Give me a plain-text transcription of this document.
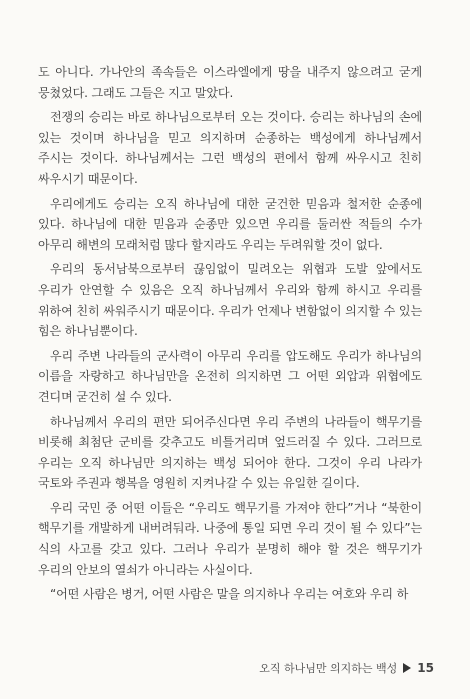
도 아니다. 가나안의 족속들은 이스라엘에게 땅을 내주지 않으려고 굳게 뭉쳤었다. 그래도 그들은 지고 말았다.

전쟁의 승리는 바로 하나님으로부터 오는 것이다. 승리는 하나님의 손에 있는 것이며 하나님을 믿고 의지하며 순종하는 백성에게 하나님께서 주시는 것이다. 하나님께서는 그런 백성의 편에서 함께 싸우시고 친히 싸우시기 때문이다.

우리에게도 승리는 오직 하나님에 대한 굳건한 믿음과 철저한 순종에 있다. 하나님에 대한 믿음과 순종만 있으면 우리를 둘러싼 적들의 수가 아무리 해변의 모래처럼 많다 할지라도 우리는 두려워할 것이 없다.

우리의 동서남북으로부터 끊임없이 밀려오는 위협과 도발 앞에서도 우리가 안연할 수 있음은 오직 하나님께서 우리와 함께 하시고 우리를 위하여 친히 싸워주시기 때문이다. 우리가 언제나 변함없이 의지할 수 있는 힘은 하나님뿐이다.

우리 주변 나라들의 군사력이 아무리 우리를 압도해도 우리가 하나님의 이름을 자랑하고 하나님만을 온전히 의지하면 그 어떤 외압과 위협에도 견디며 굳건히 설 수 있다.

하나님께서 우리의 편만 되어주신다면 우리 주변의 나라들이 핵무기를 비롯해 최첨단 군비를 갖추고도 비틀거리며 엎드러질 수 있다. 그러므로 우리는 오직 하나님만 의지하는 백성 되어야 한다. 그것이 우리 나라가 국토와 주권과 행복을 영원히 지켜나갈 수 있는 유일한 길이다.

우리 국민 중 어떤 이들은 “우리도 핵무기를 가져야 한다”거나 “북한이 핵무기를 개발하게 내버려둬라. 나중에 통일 되면 우리 것이 될 수 있다”는 식의 사고를 갖고 있다. 그러나 우리가 분명히 해야 할 것은 핵무기가 우리의 안보의 열쇠가 아니라는 사실이다.

“어떤 사람은 병거, 어떤 사람은 말을 의지하나 우리는 여호와 우리 하

오직 하나님만 의지하는 백성 15
